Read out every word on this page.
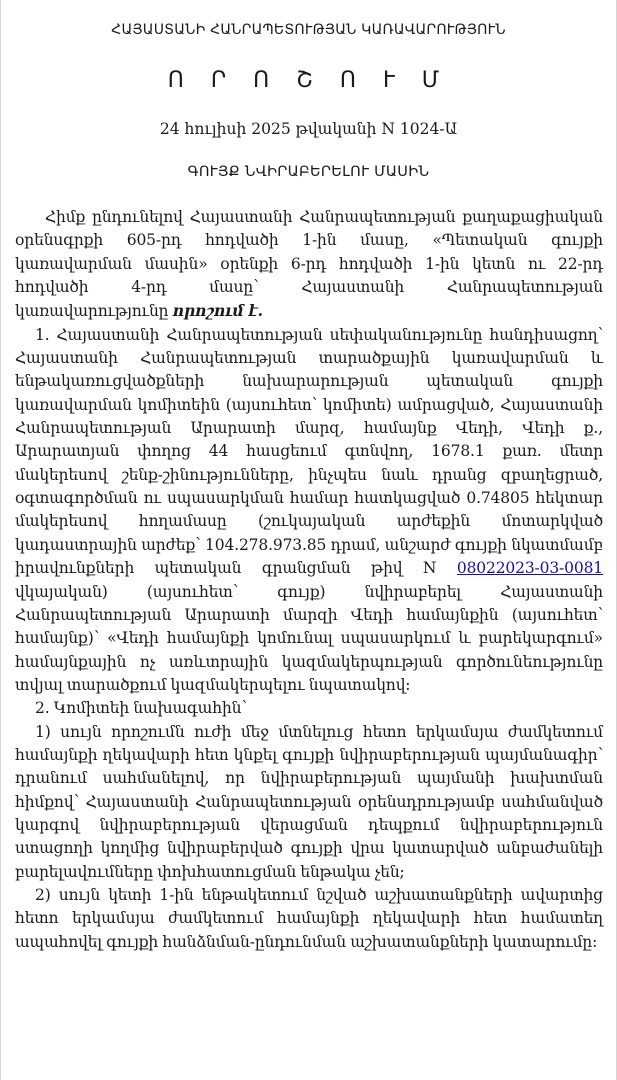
ՀԱՅԱՍՏԱՆԻ ՀԱՆՐԱՊԵՏՈՒԹՅԱՆ ԿԱՌԱՎԱՐՈՒԹՅՈՒՆ
Ո Ր Ո Շ Ո Ւ Մ
24 հուլիսի 2025 թվականի N 1024-Ա
ԳՈՒՅՔ ՆՎԻՐԱԲԵՐԵԼՈՒ ՄԱՍԻՆ

Հիմք ընդունելով Հայաստանի Հանրապետության քաղաքացիական օրենսգրքի 605-րդ հոդվածի 1-ին մասը, «Պետական գույքի կառավարման մասին» օրենքի 6-րդ հոդվածի 1-ին կետն ու 22-րդ հոդվածի 4-րդ մասը՝ Հայաստանի Հանրապետության կառավարությունը որոշում է.

1. Հայաստանի Հանրապետության սեփականությունը հանդիսացող՝ Հայաստանի Հանրապետության տարածքային կառավարման և ենթակառուցվածքների նախարարության պետական գույքի կառավարման կոմիտեին (այսուհետ՝ կոմիտե) ամրացված, Հայաստանի Հանրապետության Արարատի մարզ, համայնք Վեդի, Վեդի ք., Արարատյան փողոց 44 հասցեում գտնվող, 1678.1 քառ. մետր մակերեսով շենք-շինությունները, ինչպես նաև դրանց զբաղեցրած, օգտագործման ու սպասարկման համար հատկացված 0.74805 հեկտար մակերեսով հողամասը (շուկայական արժեքին մոտարկված կադաստրային արժեք՝ 104.278.973.85 դրամ, անշարժ գույքի նկատմամբ իրավունքների պետական գրանցման թիվ N 08022023-03-0081 վկայական) (այսուհետ՝ գույք) նվիրաբերել Հայաստանի Հանրապետության Արարատի մարզի Վեդի համայնքին (այսուհետ՝ համայնք)՝ «Վեդի համայնքի կոմունալ սպասարկում և բարեկարգում» համայնքային ոչ առևտրային կազմակերպության գործունեությունը տվյալ տարածքում կազմակերպելու նպատակով:

2. Կոմիտեի նախագահին՝

1) սույն որոշումն ուժի մեջ մտնելուց հետո երկամսյա ժամկետում համայնքի ղեկավարի հետ կնքել գույքի նվիրաբերության պայմանագիր՝ դրանում սահմանելով, որ նվիրաբերության պայմանի խախտման հիմքով՝ Հայաստանի Հանրապետության օրենսդրությամբ սահմանված կարգով նվիրաբերության վերացման դեպքում նվիրաբերություն ստացողի կողմից նվիրաբերված գույքի վրա կատարված անբաժանելի բարելավումները փոխհատուցման ենթակա չեն;

2) սույն կետի 1-ին ենթակետում նշված աշխատանքների ավարտից հետո երկամսյա ժամկետում համայնքի ղեկավարի հետ համատեղ ապահովել գույքի հանձնման-ընդունման աշխատանքների կատարումը:
